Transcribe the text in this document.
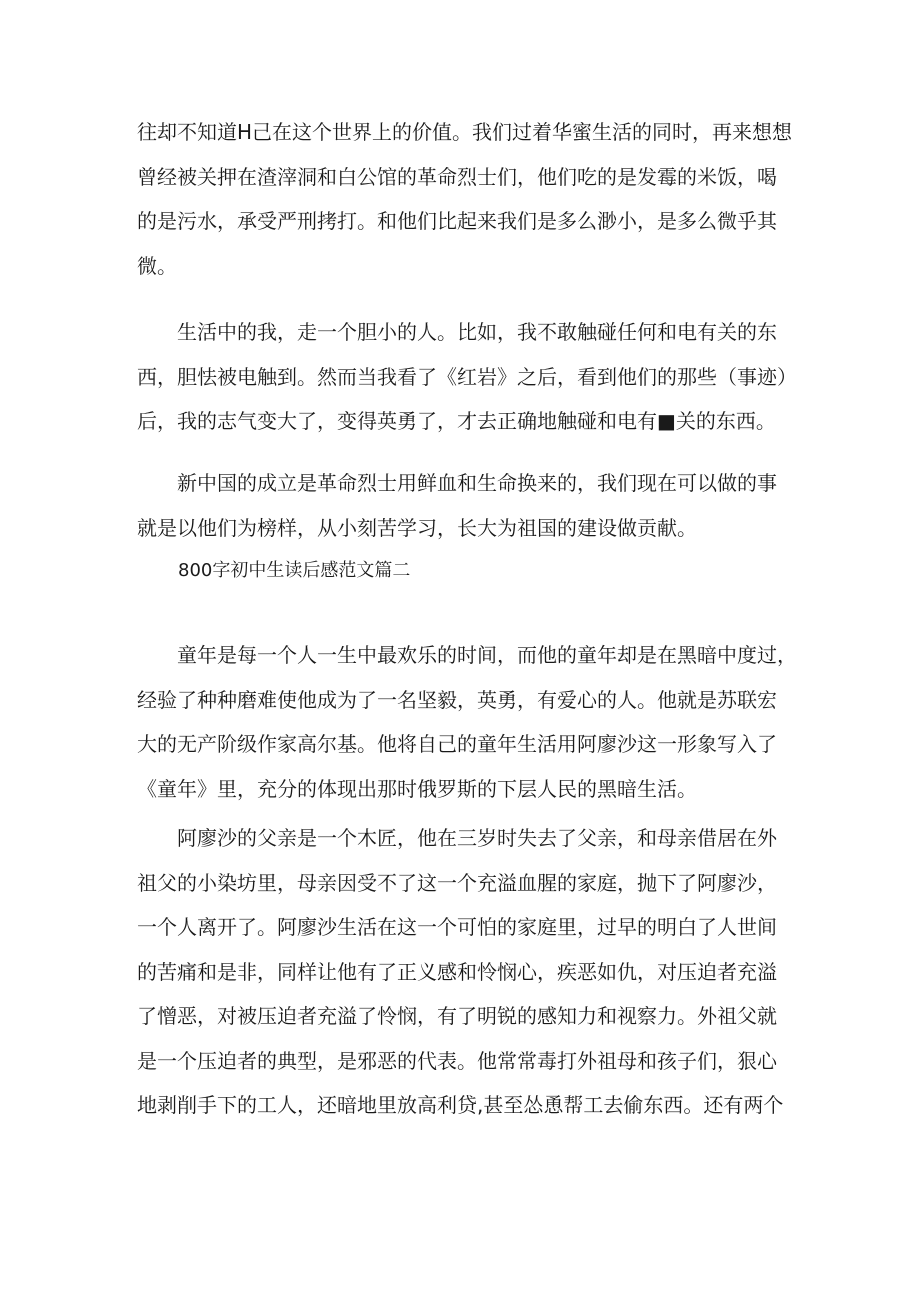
往却不知道H己在这个世界上的价值。我们过着华蜜生活的同时，再来想想
曾经被关押在渣滓洞和白公馆的革命烈士们，他们吃的是发霉的米饭，喝
的是污水，承受严刑拷打。和他们比起来我们是多么渺小，是多么微乎其
微。

　　生活中的我，走一个胆小的人。比如，我不敢触碰任何和电有关的东
西，胆怯被电触到。然而当我看了《红岩》之后，看到他们的那些（事迹）
后，我的志气变大了，变得英勇了，才去正确地触碰和电有■关的东西。

　　新中国的成立是革命烈士用鲜血和生命换来的，我们现在可以做的事
就是以他们为榜样，从小刻苦学习，长大为祖国的建设做贡献。

800字初中生读后感范文篇二

　　童年是每一个人一生中最欢乐的时间，而他的童年却是在黑暗中度过，
经验了种种磨难使他成为了一名坚毅，英勇，有爱心的人。他就是苏联宏
大的无产阶级作家高尔基。他将自己的童年生活用阿廖沙这一形象写入了
《童年》里，充分的体现出那时俄罗斯的下层人民的黑暗生活。

　　阿廖沙的父亲是一个木匠，他在三岁时失去了父亲，和母亲借居在外
祖父的小染坊里，母亲因受不了这一个充溢血腥的家庭，抛下了阿廖沙，
一个人离开了。阿廖沙生活在这一个可怕的家庭里，过早的明白了人世间
的苦痛和是非，同样让他有了正义感和怜悯心，疾恶如仇，对压迫者充溢
了憎恶，对被压迫者充溢了怜悯，有了明锐的感知力和视察力。外祖父就
是一个压迫者的典型，是邪恶的代表。他常常毒打外祖母和孩子们，狠心
地剥削手下的工人，还暗地里放高利贷,甚至怂恿帮工去偷东西。还有两个
